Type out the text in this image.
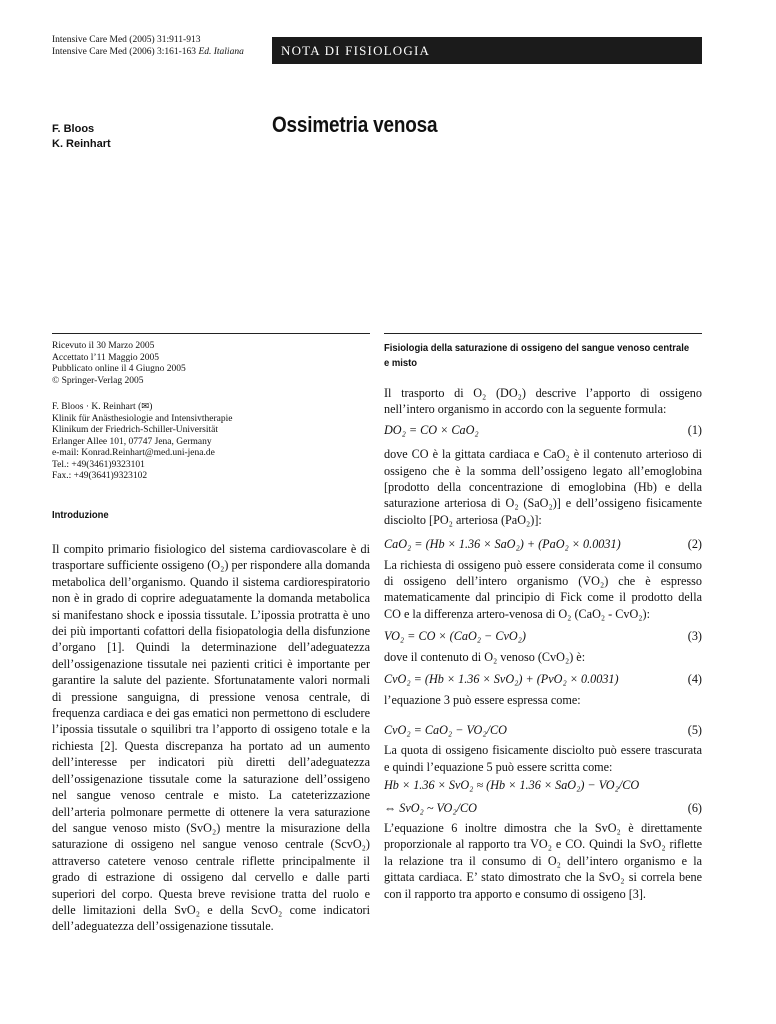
Intensive Care Med (2005) 31:911-913
Intensive Care Med (2006) 3:161-163 Ed. Italiana	NOTA DI FISIOLOGIA
F. Bloos
K. Reinhart
Ossimetria venosa
Ricevuto il 30 Marzo 2005
Accettato l’11 Maggio 2005
Pubblicato online il 4 Giugno 2005
© Springer-Verlag 2005
F. Bloos · K. Reinhart (✉)
Klinik für Anästhesiologie and Intensivtherapie
Klinikum der Friedrich-Schiller-Universität
Erlanger Allee 101, 07747 Jena, Germany
e-mail: Konrad.Reinhart@med.uni-jena.de
Tel.: +49(3461)9323101
Fax.: +49(3641)9323102
Introduzione
Il compito primario fisiologico del sistema cardiovascolare è di trasportare sufficiente ossigeno (O₂) per rispondere alla domanda metabolica dell’organismo. Quando il sistema cardiorespiratorio non è in grado di coprire adeguatamente la domanda metabolica si manifestano shock e ipossia tissutale. L’ipossia protratta è uno dei più importanti cofattori della fisiopatologia della disfunzione d’organo [1]. Quindi la determinazione dell’adeguatezza dell’ossigenazione tissutale nei pazienti critici è importante per garantire la salute del paziente. Sfortunatamente valori normali di pressione sanguigna, di pressione venosa centrale, di frequenza cardiaca e dei gas ematici non permettono di escludere l’ipossia tissutale o squilibri tra l’apporto di ossigeno totale e la richiesta [2]. Questa discrepanza ha portato ad un aumento dell’interesse per indicatori più diretti dell’adeguatezza dell’ossigenazione tissutale come la saturazione dell’ossigeno nel sangue venoso centrale e misto. La cateterizzazione dell’arteria polmonare permette di ottenere la vera saturazione del sangue venoso misto (SvO₂) mentre la misurazione della saturazione di ossigeno nel sangue venoso centrale (ScvO₂) attraverso catetere venoso centrale riflette principalmente il grado di estrazione di ossigeno dal cervello e dalle parti superiori del corpo. Questa breve revisione tratta del ruolo e delle limitazioni della SvO₂ e della ScvO₂ come indicatori dell’adeguatezza dell’ossigenazione tissutale.
Fisiologia della saturazione di ossigeno del sangue venoso centrale e misto

Il trasporto di O₂ (DO₂) descrive l’apporto di ossigeno nell’intero organismo in accordo con la seguente formula:

DO₂ = CO × CaO₂	(1)

dove CO è la gittata cardiaca e CaO₂ è il contenuto arterioso di ossigeno che è la somma dell’ossigeno legato all’emoglobina [prodotto della concentrazione di emoglobina (Hb) e della saturazione arteriosa di O₂ (SaO₂)] e dell’ossigeno fisicamente disciolto [PO₂ arteriosa (PaO₂)]:

CaO₂ = (Hb × 1.36 × SaO₂) + (PaO₂ × 0.0031)	(2)

La richiesta di ossigeno può essere considerata come il consumo di ossigeno dell’intero organismo (VO₂) che è espresso matematicamente dal principio di Fick come il prodotto della CO e la differenza artero-venosa di O₂ (CaO₂ - CvO₂):

VO₂ = CO × (CaO₂ − CvO₂)	(3)

dove il contenuto di O₂ venoso (CvO₂) è:

CvO₂ = (Hb × 1.36 × SvO₂) + (PvO₂ × 0.0031)	(4)

l’equazione 3 può essere espressa come:

CvO₂ = CaO₂ − VO₂/CO	(5)

La quota di ossigeno fisicamente disciolto può essere trascurata e quindi l’equazione 5 può essere scritta come:

Hb × 1.36 × SvO₂ ≈ (Hb × 1.36 × SaO₂) − VO₂/CO
⇔ SvO₂ ~ VO₂/CO	(6)

L’equazione 6 inoltre dimostra che la SvO₂ è direttamente proporzionale al rapporto tra VO₂ e CO. Quindi la SvO₂ riflette la relazione tra il consumo di O₂ dell’intero organismo e la gittata cardiaca. E’ stato dimostrato che la SvO₂ si correla bene con il rapporto tra apporto e consumo di ossigeno [3].
